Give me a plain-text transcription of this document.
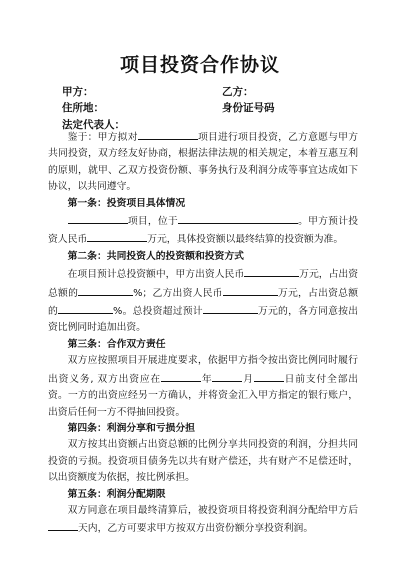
项目投资合作协议
甲方：	乙方：
住所地：	身份证号码
法定代表人：

鉴于：甲方拟对	项目进行项目投资，乙方意愿与甲方共同投资，双方经友好协商，根据法律法规的相关规定，本着互惠互利的原则，就甲、乙双方投资份额、事务执行及利润分成等事宜达成如下协议，以共同遵守。

第一条：投资项目具体情况

项目，位于	。甲方预计投资人民币	万元，具体投资额以最终结算的投资额为准。

第二条：共同投资人的投资额和投资方式

在项目预计总投资额中，甲方出资人民币	万元，占出资总额的	%；乙方出资人民币	万元，占出资总额的	%。总投资超过预计	万元的，各方同意按出资比例同时追加出资。

第三条：合作双方责任

双方应按照项目开展进度要求，依据甲方指令按出资比例同时履行出资义务, 双方出资应在	年	月	日前支付全部出资。一方的出资应经另一方确认，并将资金汇入甲方指定的银行账户，出资后任何一方不得抽回投资。

第四条：利润分享和亏损分担

双方按其出资额占出资总额的比例分享共同投资的利润，分担共同投资的亏损。投资项目债务先以共有财产偿还，共有财产不足偿还时，以出资额度为依据，按比例承担。

第五条：利润分配期限

双方同意在项目最终清算后，被投资项目将投资利润分配给甲方后天内，乙方可要求甲方按双方出资份额分享投资利润。
